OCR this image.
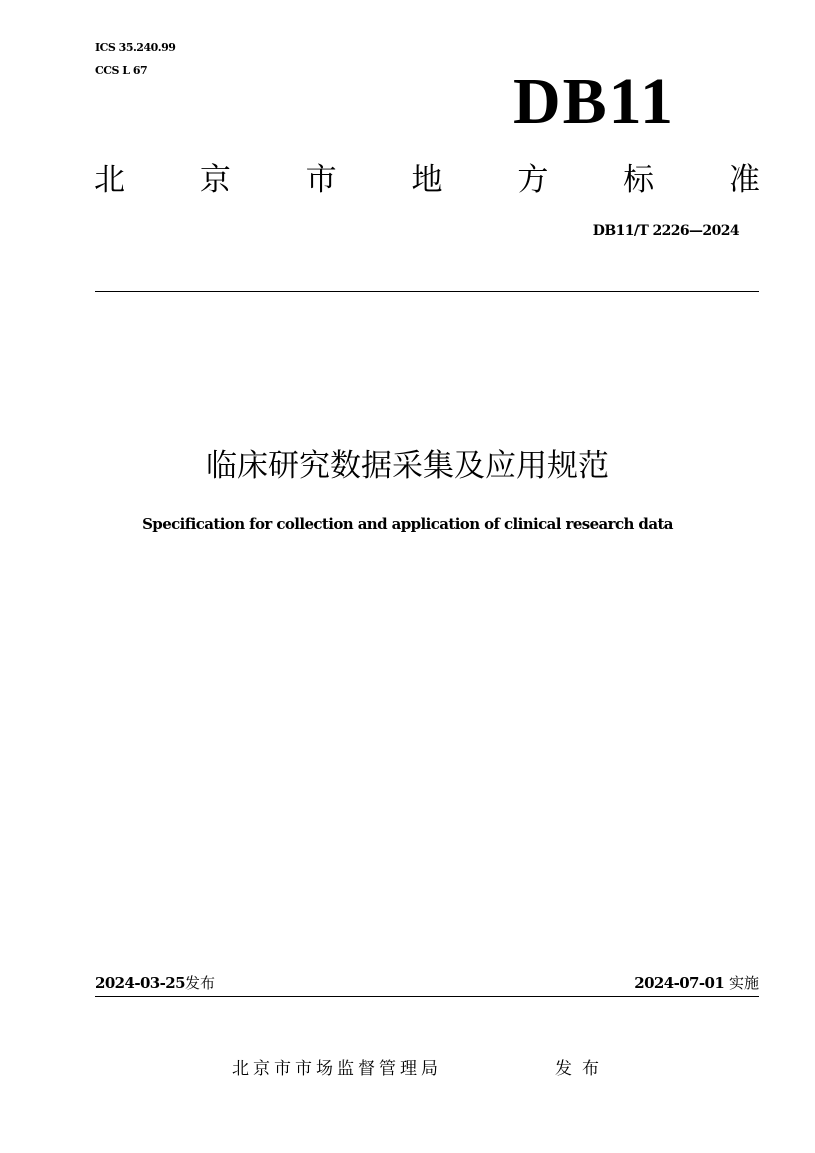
ICS 35.240.99
CCS L 67	DB11
北 京 市 地 方 标 准
DB11/T 2226—2024
临床研究数据采集及应用规范
Specification for collection and application of clinical research data
2024-03-25发布	2024-07-01 实施
北京市市场监督管理局	发布
